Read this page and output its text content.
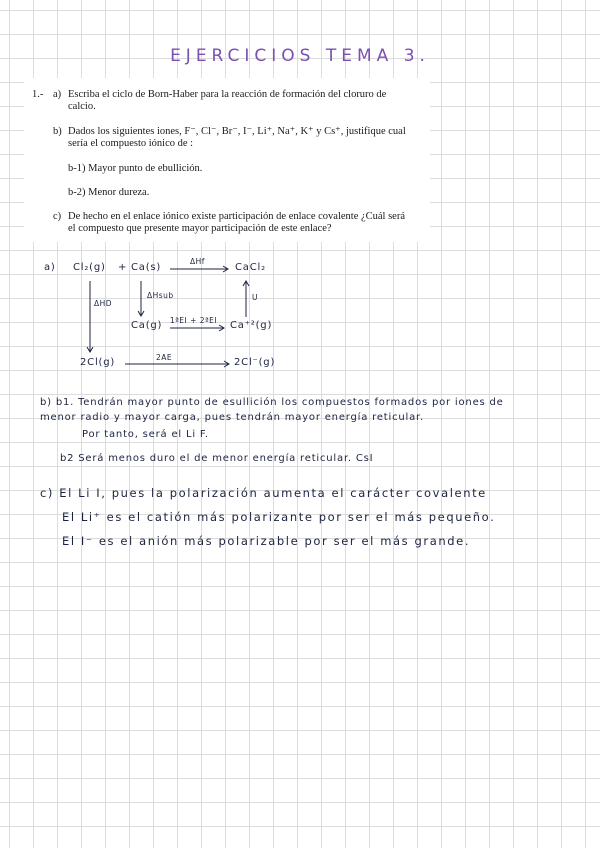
EJERCICIOS TEMA 3.
1.- a) Escriba el ciclo de Born-Haber para la reacción de formación del cloruro de
calcio.
b) Dados los siguientes iones, F⁻, Cl⁻, Br⁻, I⁻, Li⁺, Na⁺, K⁺ y Cs⁺, justifique cual
sería el compuesto iónico de :
b-1) Mayor punto de ebullición.
b-2) Menor dureza.
c) De hecho en el enlace iónico existe participación de enlace covalente ¿Cuál será
el compuesto que presente mayor participación de este enlace?
a) Cl₂(g) + Ca(s)
ΔHf
CaCl₂
ΔHD
ΔHsub	U
Ca(g) 1ªEI + 2ªEI Ca⁺²(g)
2Cl(g)	2AE	2Cl⁻(g)
b) b1. Tendrán mayor punto de esullición los compuestos formados por iones de
menor radio y mayor carga, pues tendrán mayor energía reticular.
Por tanto, será el Li F.
b2 Será menos duro el de menor energía reticular. CsI
c) El Li I, pues la polarización aumenta el carácter covalente
El Li⁺ es el catión más polarizante por ser el más pequeño.
El I⁻ es el anión más polarizable por ser el más grande.
